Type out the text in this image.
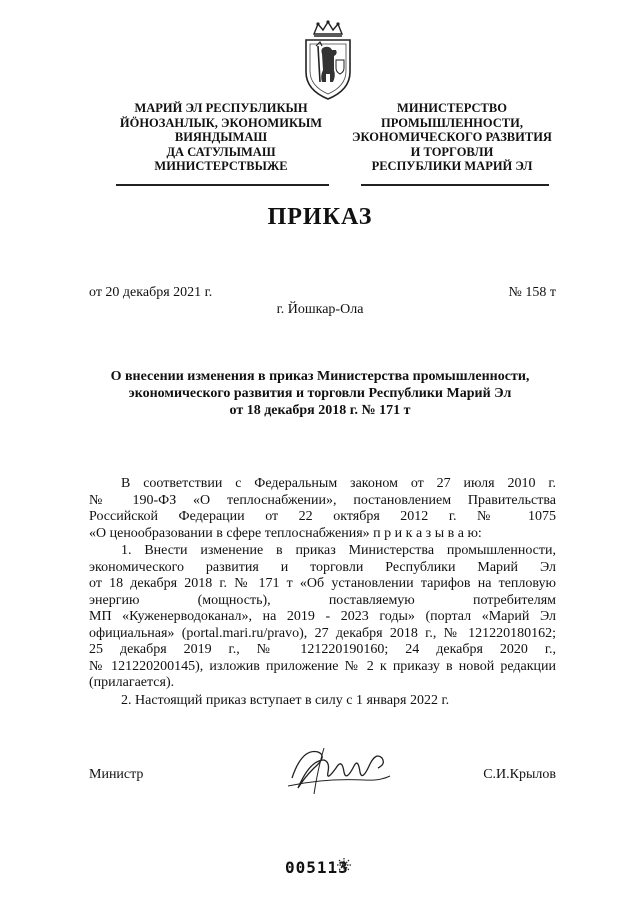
МАРИЙ ЭЛ РЕСПУБЛИКЫН
ЙÖНОЗАНЛЫК, ЭКОНОМИКЫМ
ВИЯНДЫМАШ
ДА САТУЛЫМАШ
МИНИСТЕРСТВЫЖЕ
МИНИСТЕРСТВО
ПРОМЫШЛЕННОСТИ,
ЭКОНОМИЧЕСКОГО РАЗВИТИЯ
И ТОРГОВЛИ
РЕСПУБЛИКИ МАРИЙ ЭЛ
ПРИКАЗ
от 20 декабря 2021 г.	№ 158 т
г. Йошкар-Ола
О внесении изменения в приказ Министерства промышленности,
экономического развития и торговли Республики Марий Эл
от 18 декабря 2018 г. № 171 т
В соответствии с Федеральным законом от 27 июля 2010 г.
№ 190-ФЗ «О теплоснабжении», постановлением Правительства
Российской Федерации от 22 октября 2012 г. № 1075
«О ценообразовании в сфере теплоснабжения» п р и к а з ы в а ю:
1. Внести изменение в приказ Министерства промышленности,
экономического развития и торговли Республики Марий Эл
от 18 декабря 2018 г. № 171 т «Об установлении тарифов на тепловую
энергию (мощность), поставляемую потребителям
МП «Куженерводоканал», на 2019 - 2023 годы» (портал «Марий Эл
официальная» (portal.mari.ru/pravo), 27 декабря 2018 г., № 121220180162;
25 декабря 2019 г., № 121220190160; 24 декабря 2020 г.,
№ 121220200145), изложив приложение № 2 к приказу в новой редакции
(прилагается).
2. Настоящий приказ вступает в силу с 1 января 2022 г.
Министр	С.И.Крылов
005113
